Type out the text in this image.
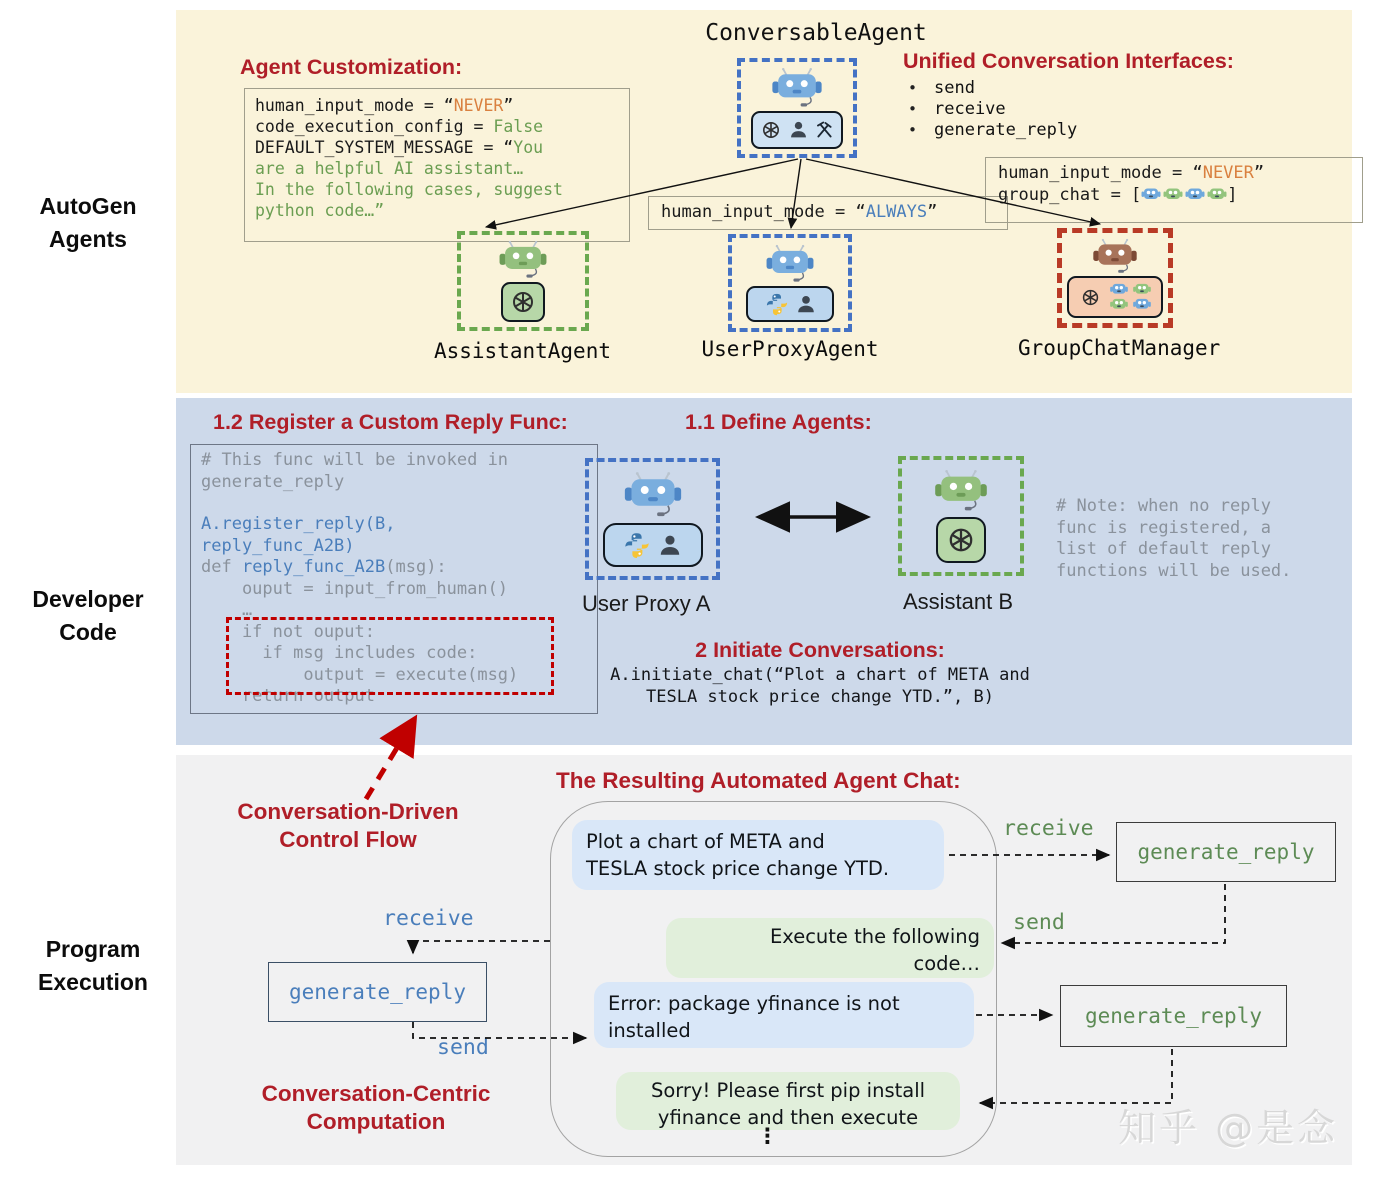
AutoGen
Agents
Developer
Code
Program
Execution
ConversableAgent
Agent Customization:
human_input_mode = “NEVER”
code_execution_config = False
DEFAULT_SYSTEM_MESSAGE = “You
are a helpful AI assistant…
In the following cases, suggest
python code…”
Unified Conversation Interfaces:
• send
• receive
• generate_reply
human_input_mode = “ALWAYS”
human_input_mode = “NEVER”
group_chat = [	]
AssistantAgent	UserProxyAgent	GroupChatManager
1.2 Register a Custom Reply Func:
# This func will be invoked in
generate_reply
A.register_reply(B,
reply_func_A2B)
def reply_func_A2B(msg):
ouput = input_from_human()
…
if not ouput:
if msg includes code:
output = execute(msg)
return output
1.1 Define Agents:
User Proxy A	Assistant B
# Note: when no reply
func is registered, a
list of default reply
functions will be used.
2 Initiate Conversations:
A.initiate_chat(“Plot a chart of META and
TESLA stock price change YTD.”, B)
Conversation-Driven
Control Flow
The Resulting Automated Agent Chat:
Plot a chart of META and
TESLA stock price change YTD.
Execute the following
code…
Error: package yfinance is not
installed
Sorry! Please first pip install
yfinance and then execute
⋮
receive
generate_reply
send
Conversation-Centric
Computation
receive
generate_reply
send
generate_reply
知乎 @是念
